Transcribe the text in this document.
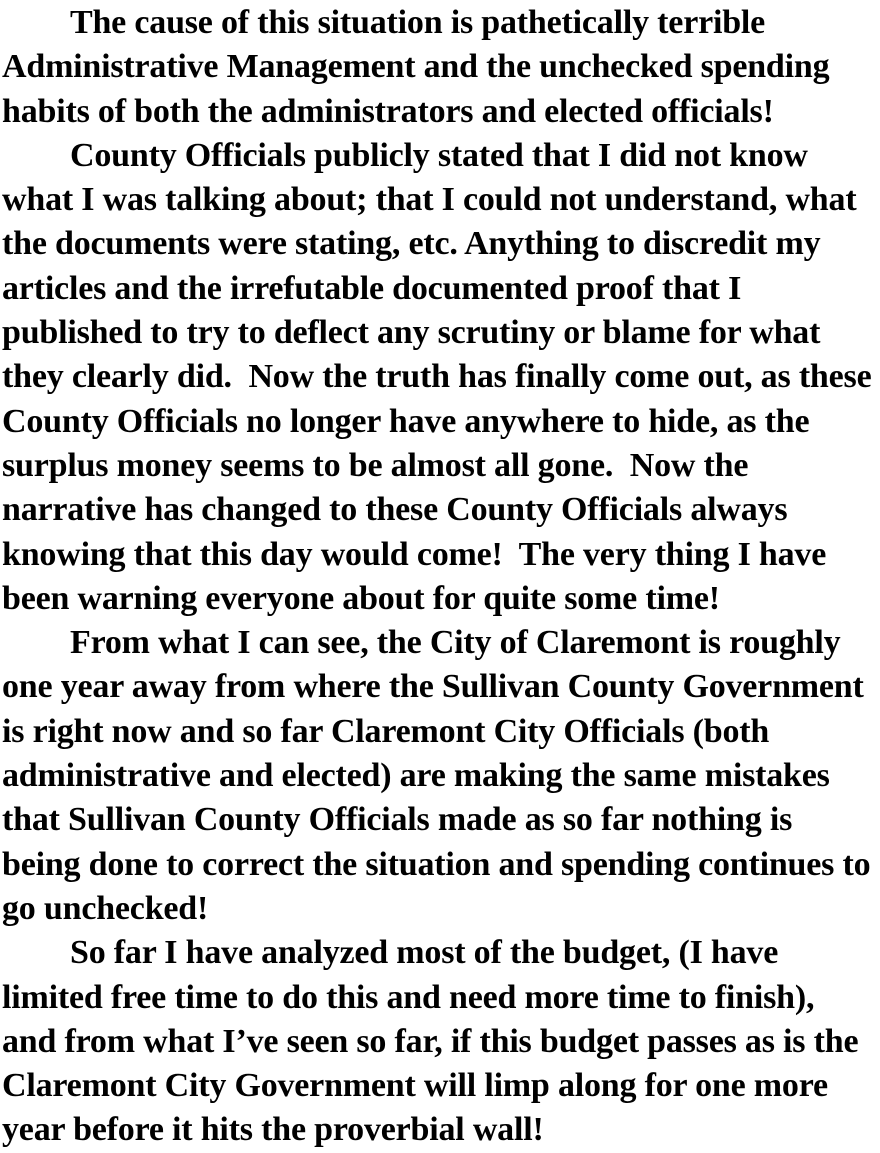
The cause of this situation is pathetically terrible
Administrative Management and the unchecked spending
habits of both the administrators and elected officials!

County Officials publicly stated that I did not know
what I was talking about; that I could not understand, what
the documents were stating, etc. Anything to discredit my
articles and the irrefutable documented proof that I
published to try to deflect any scrutiny or blame for what
they clearly did.  Now the truth has finally come out, as these
County Officials no longer have anywhere to hide, as the
surplus money seems to be almost all gone.  Now the
narrative has changed to these County Officials always
knowing that this day would come!  The very thing I have
been warning everyone about for quite some time!

From what I can see, the City of Claremont is roughly
one year away from where the Sullivan County Government
is right now and so far Claremont City Officials (both
administrative and elected) are making the same mistakes
that Sullivan County Officials made as so far nothing is
being done to correct the situation and spending continues to
go unchecked!

So far I have analyzed most of the budget, (I have
limited free time to do this and need more time to finish),
and from what I’ve seen so far, if this budget passes as is the
Claremont City Government will limp along for one more
year before it hits the proverbial wall!
